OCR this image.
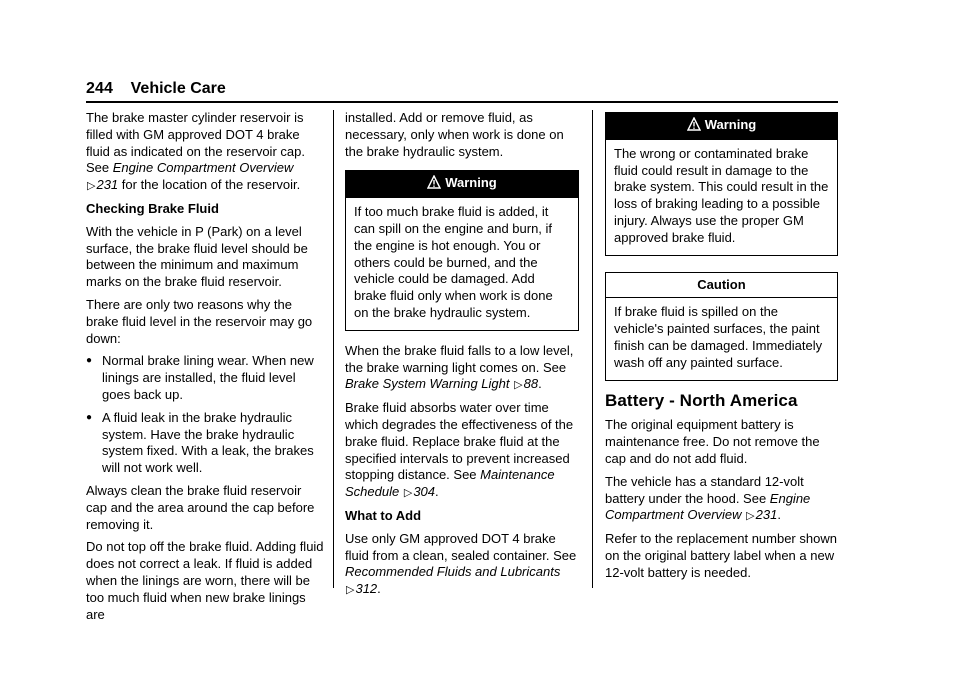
244 Vehicle Care

The brake master cylinder reservoir is filled with GM approved DOT 4 brake fluid as indicated on the reservoir cap. See Engine Compartment Overview ▷231 for the location of the reservoir.

Checking Brake Fluid

With the vehicle in P (Park) on a level surface, the brake fluid level should be between the minimum and maximum marks on the brake fluid reservoir.

There are only two reasons why the brake fluid level in the reservoir may go down:

● Normal brake lining wear. When new linings are installed, the fluid level goes back up.
● A fluid leak in the brake hydraulic system. Have the brake hydraulic system fixed. With a leak, the brakes will not work well.

Always clean the brake fluid reservoir cap and the area around the cap before removing it.

Do not top off the brake fluid. Adding fluid does not correct a leak. If fluid is added when the linings are worn, there will be too much fluid when new brake linings are

installed. Add or remove fluid, as necessary, only when work is done on the brake hydraulic system.

Warning
If too much brake fluid is added, it can spill on the engine and burn, if the engine is hot enough. You or others could be burned, and the vehicle could be damaged. Add brake fluid only when work is done on the brake hydraulic system.

When the brake fluid falls to a low level, the brake warning light comes on. See Brake System Warning Light ▷88.

Brake fluid absorbs water over time which degrades the effectiveness of the brake fluid. Replace brake fluid at the specified intervals to prevent increased stopping distance. See Maintenance Schedule ▷304.

What to Add

Use only GM approved DOT 4 brake fluid from a clean, sealed container. See Recommended Fluids and Lubricants ▷312.

Warning
The wrong or contaminated brake fluid could result in damage to the brake system. This could result in the loss of braking leading to a possible injury. Always use the proper GM approved brake fluid.
Caution
If brake fluid is spilled on the vehicle's painted surfaces, the paint finish can be damaged. Immediately wash off any painted surface.
Battery - North America

The original equipment battery is maintenance free. Do not remove the cap and do not add fluid.

The vehicle has a standard 12-volt battery under the hood. See Engine Compartment Overview ▷231.

Refer to the replacement number shown on the original battery label when a new 12-volt battery is needed.
